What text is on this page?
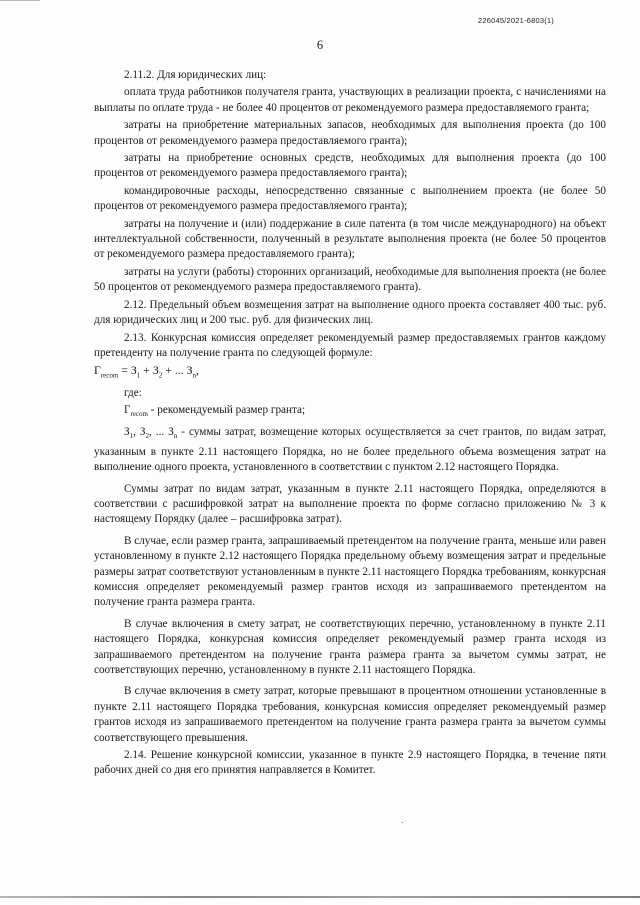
226045/2021-6803(1)
6

2.11.2. Для юридических лиц:

оплата труда работников получателя гранта, участвующих в реализации проекта, с начислениями на выплаты по оплате труда - не более 40 процентов от рекомендуемого размера предоставляемого гранта;

затраты на приобретение материальных запасов, необходимых для выполнения проекта (до 100 процентов от рекомендуемого размера предоставляемого гранта);

затраты на приобретение основных средств, необходимых для выполнения проекта (до 100 процентов от рекомендуемого размера предоставляемого гранта);

командировочные расходы, непосредственно связанные с выполнением проекта (не более 50 процентов от рекомендуемого размера предоставляемого гранта);

затраты на получение и (или) поддержание в силе патента (в том числе международного) на объект интеллектуальной собственности, полученный в результате выполнения проекта (не более 50 процентов от рекомендуемого размера предоставляемого гранта);

затраты на услуги (работы) сторонних организаций, необходимые для выполнения проекта (не более 50 процентов от рекомендуемого размера предоставляемого гранта).

2.12. Предельный объем возмещения затрат на выполнение одного проекта составляет 400 тыс. руб. для юридических лиц и 200 тыс. руб. для физических лиц.

2.13. Конкурсная комиссия определяет рекомендуемый размер предоставляемых грантов каждому претенденту на получение гранта по следующей формуле:

$Г_{recom} = З_1 + З_2$ + ... $З_n$,

где:

$Г_{recom}$ - рекомендуемый размер гранта;

$З_1$, $З_2$, ... $З_n$ - суммы затрат, возмещение которых осуществляется за счет грантов, по видам затрат, указанным в пункте 2.11 настоящего Порядка, но не более предельного объема возмещения затрат на выполнение одного проекта, установленного в соответствии с пунктом 2.12 настоящего Порядка.

Суммы затрат по видам затрат, указанным в пункте 2.11 настоящего Порядка, определяются в соответствии с расшифровкой затрат на выполнение проекта по форме согласно приложению № 3 к настоящему Порядку (далее – расшифровка затрат).

В случае, если размер гранта, запрашиваемый претендентом на получение гранта, меньше или равен установленному в пункте 2.12 настоящего Порядка предельному объему возмещения затрат и предельные размеры затрат соответствуют установленным в пункте 2.11 настоящего Порядка требованиям, конкурсная комиссия определяет рекомендуемый размер грантов исходя из запрашиваемого претендентом на получение гранта размера гранта.

В случае включения в смету затрат, не соответствующих перечню, установленному в пункте 2.11 настоящего Порядка, конкурсная комиссия определяет рекомендуемый размер гранта исходя из запрашиваемого претендентом на получение гранта размера гранта за вычетом суммы затрат, не соответствующих перечню, установленному в пункте 2.11 настоящего Порядка.

В случае включения в смету затрат, которые превышают в процентном отношении установленные в пункте 2.11 настоящего Порядка требования, конкурсная комиссия определяет рекомендуемый размер грантов исходя из запрашиваемого претендентом на получение гранта размера гранта за вычетом суммы соответствующего превышения.

2.14. Решение конкурсной комиссии, указанное в пункте 2.9 настоящего Порядка, в течение пяти рабочих дней со дня его принятия направляется в Комитет.
